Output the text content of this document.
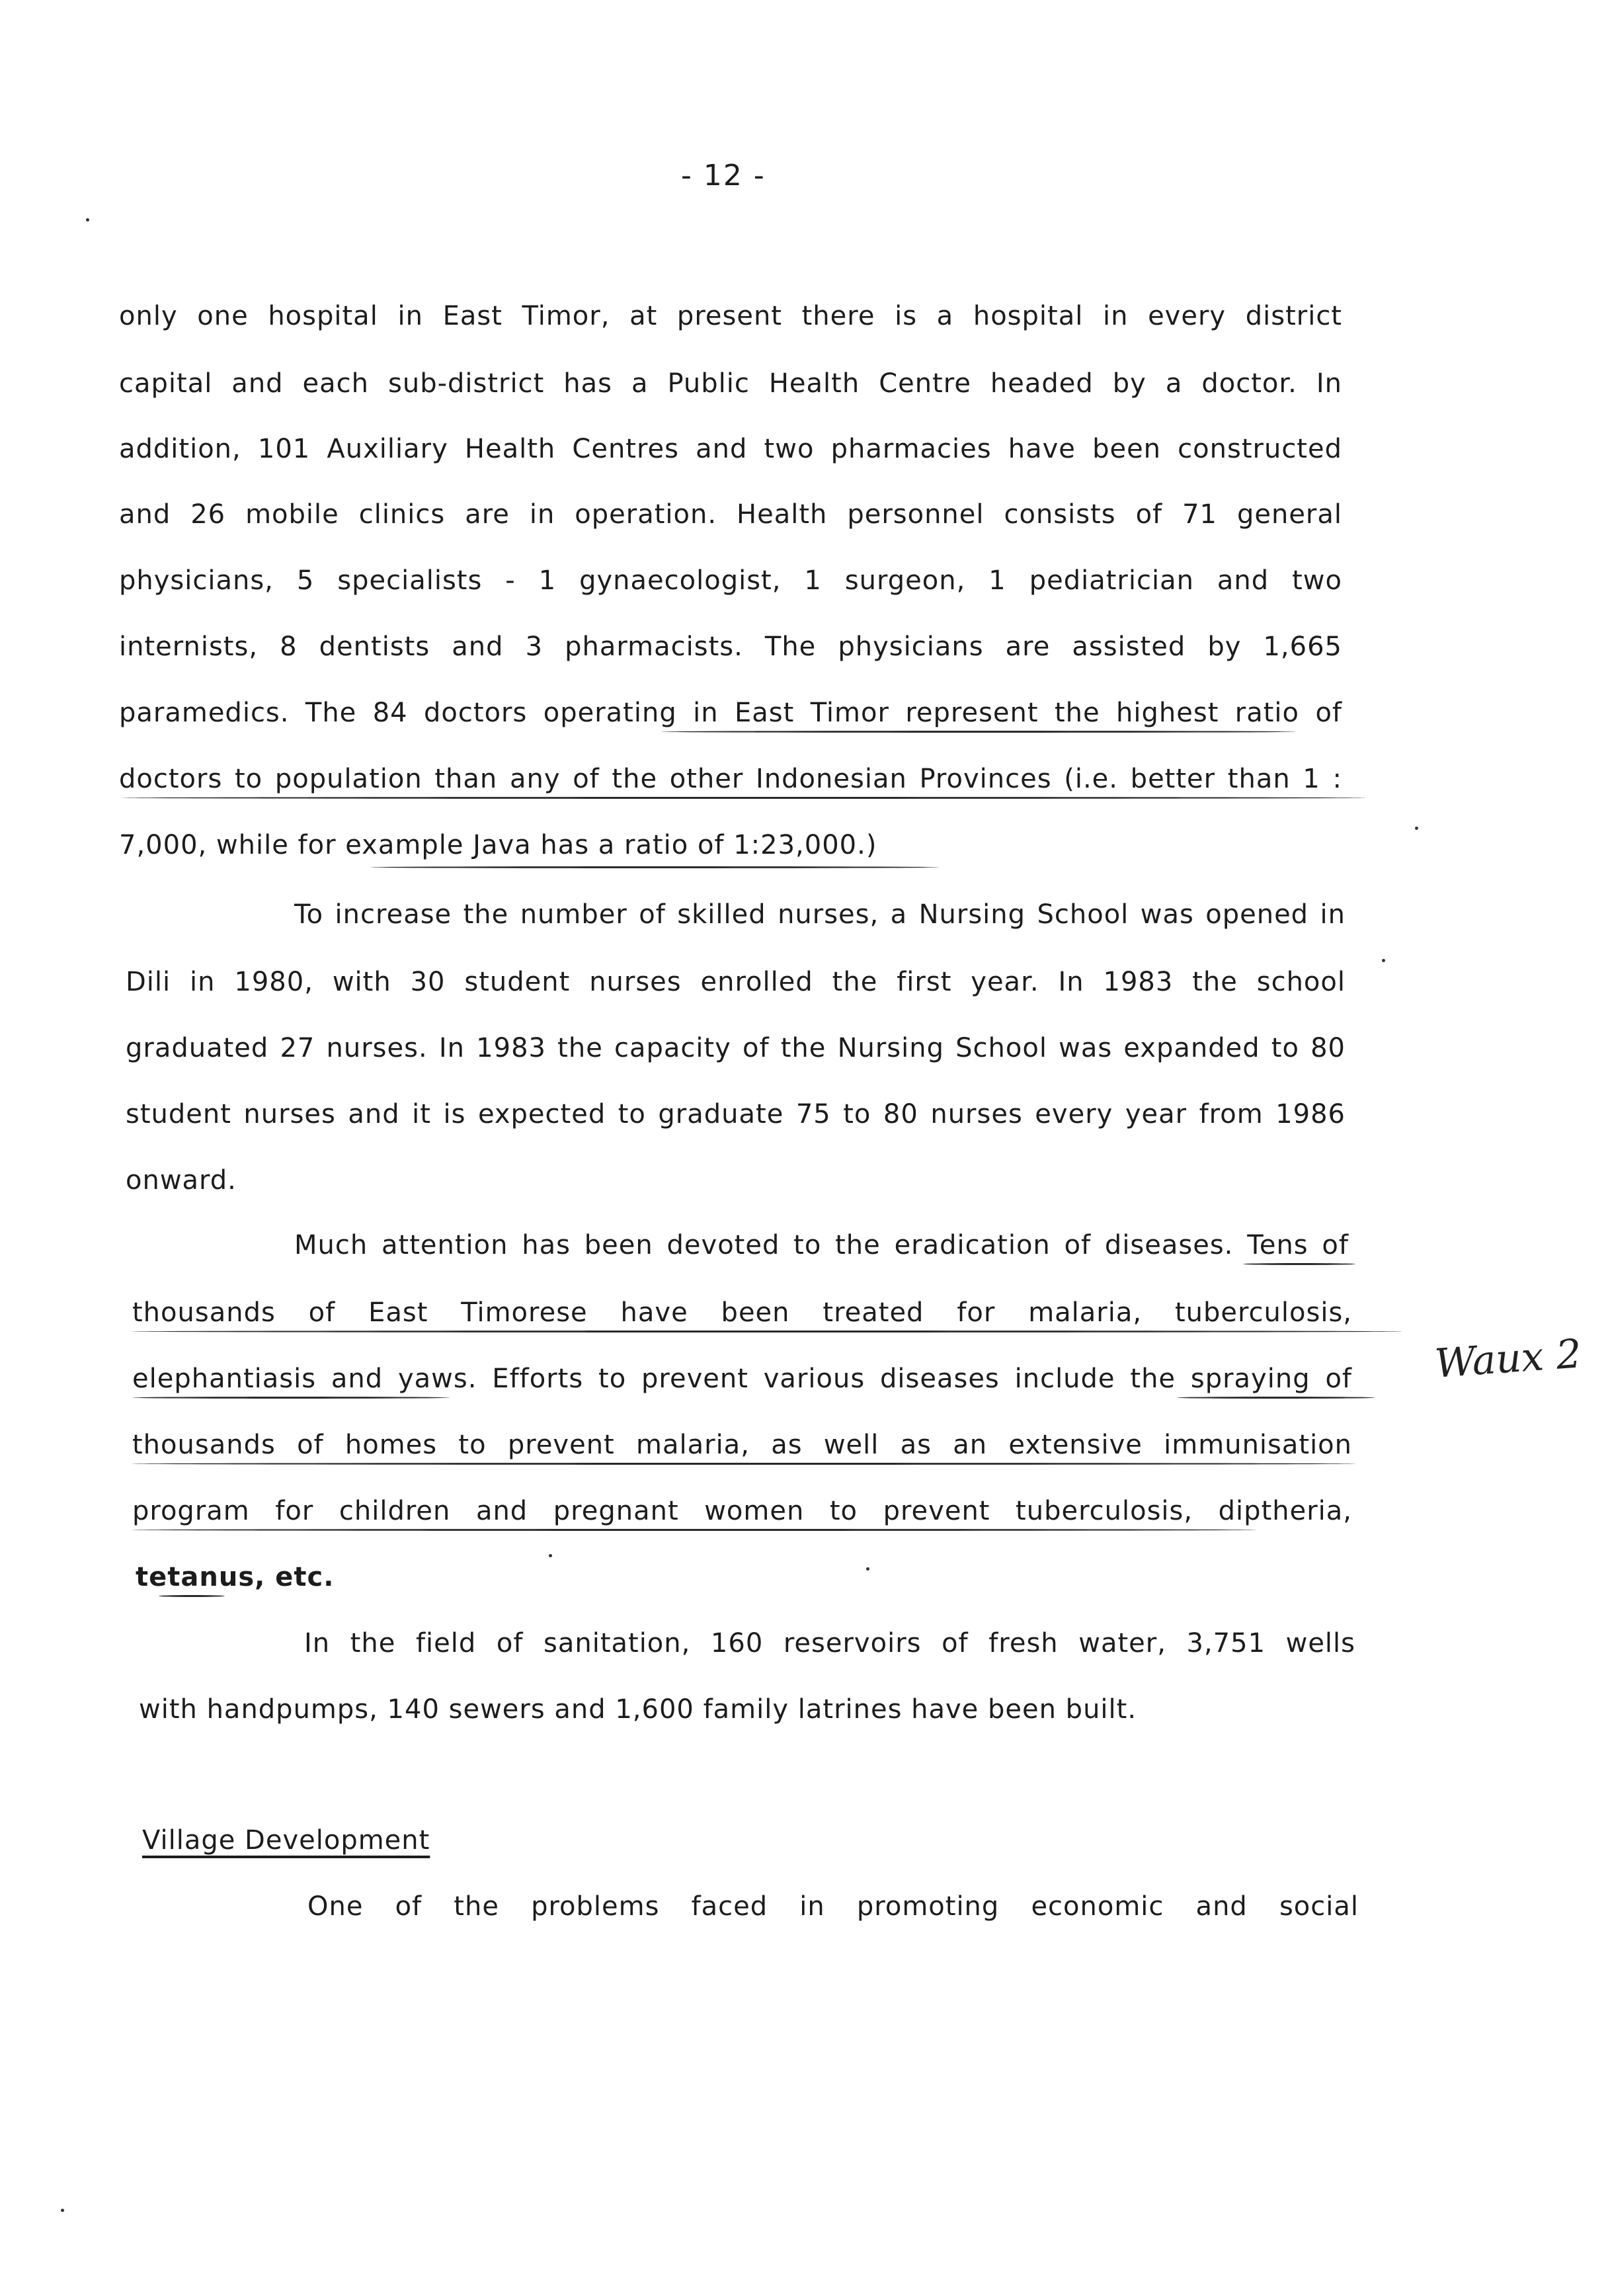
- 12 -
only one hospital in East Timor, at present there is a hospital in every district
capital and each sub-district has a Public Health Centre headed by a doctor. In
addition, 101 Auxiliary Health Centres and two pharmacies have been constructed
and 26 mobile clinics are in operation. Health personnel consists of 71 general
physicians, 5 specialists - 1 gynaecologist, 1 surgeon, 1 pediatrician and two
internists, 8 dentists and 3 pharmacists. The physicians are assisted by 1,665
paramedics. The 84 doctors operating in East Timor represent the highest ratio of
doctors to population than any of the other Indonesian Provinces (i.e. better than 1 :
7,000, while for example Java has a ratio of 1:23,000.)
To increase the number of skilled nurses, a Nursing School was opened in
Dili in 1980, with 30 student nurses enrolled the first year. In 1983 the school
graduated 27 nurses. In 1983 the capacity of the Nursing School was expanded to 80
student nurses and it is expected to graduate 75 to 80 nurses every year from 1986
onward.
Much attention has been devoted to the eradication of diseases. Tens of
thousands of East Timorese have been treated for malaria, tuberculosis,
elephantiasis and yaws. Efforts to prevent various diseases include the spraying of
thousands of homes to prevent malaria, as well as an extensive immunisation
program for children and pregnant women to prevent tuberculosis, diptheria,
tetanus, etc.
In the field of sanitation, 160 reservoirs of fresh water, 3,751 wells
with handpumps, 140 sewers and 1,600 family latrines have been built.
Village Development
One of the problems faced in promoting economic and social
Waux 2
